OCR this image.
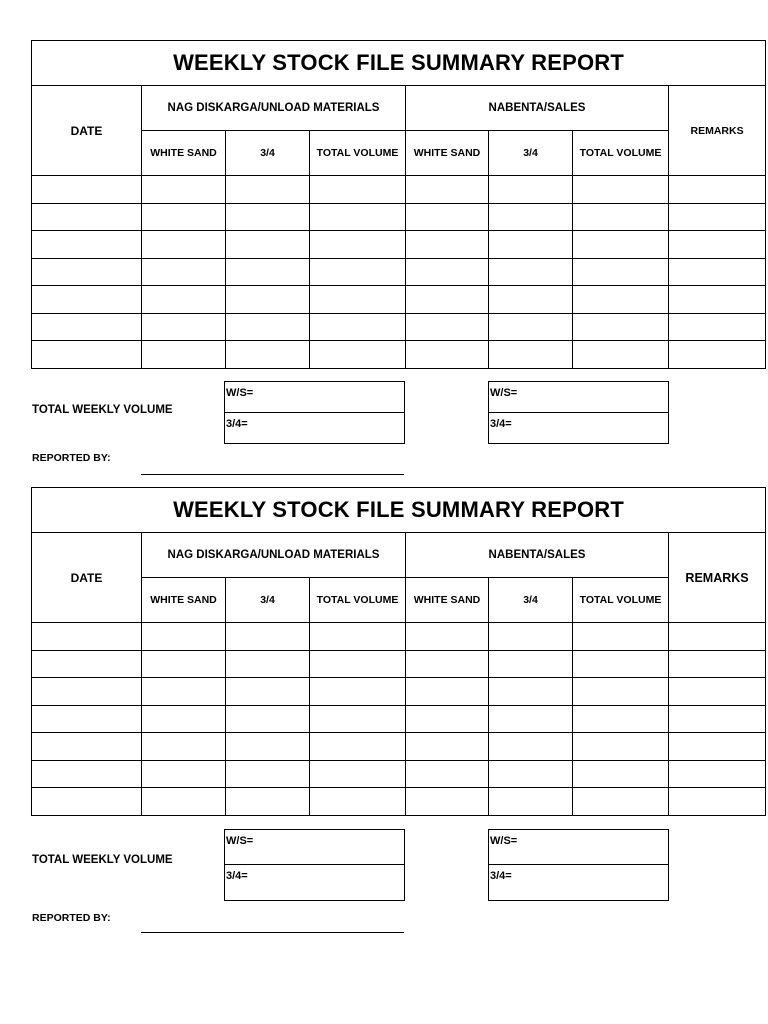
WEEKLY STOCK FILE SUMMARY REPORT							
DATE	NAG DISKARGA/UNLOAD MATERIALS			NABENTA/SALES			REMARKS
	WHITE SAND	3/4	TOTAL VOLUME	WHITE SAND	3/4	TOTAL VOLUME	

TOTAL WEEKLY VOLUME
W/S=
3/4=
W/S=
3/4=
REPORTED BY:
WEEKLY STOCK FILE SUMMARY REPORT							
DATE	NAG DISKARGA/UNLOAD MATERIALS			NABENTA/SALES			REMARKS
	WHITE SAND	3/4	TOTAL VOLUME	WHITE SAND	3/4	TOTAL VOLUME	

TOTAL WEEKLY VOLUME
W/S=
3/4=
W/S=
3/4=
REPORTED BY:
